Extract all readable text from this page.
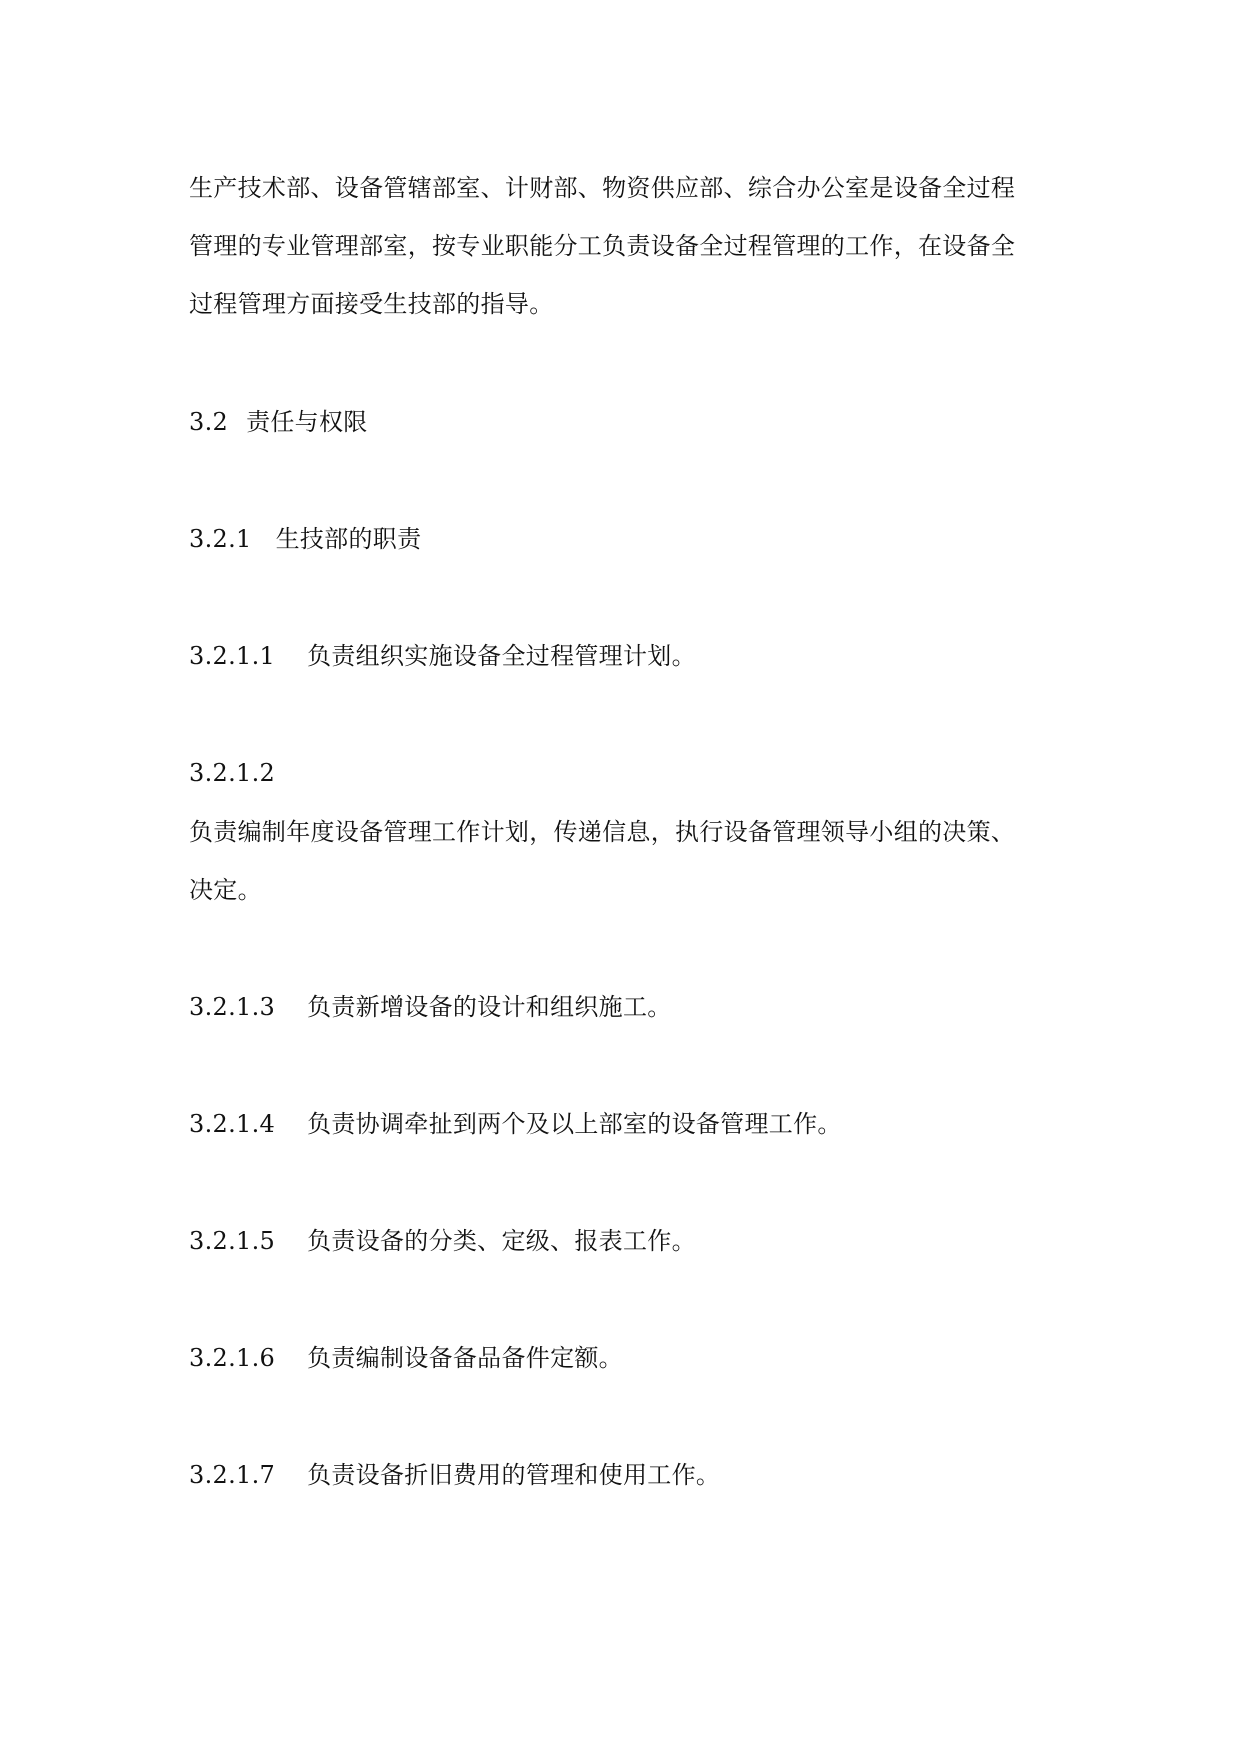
生产技术部、设备管辖部室、计财部、物资供应部、综合办公室是设备全过程
管理的专业管理部室，按专业职能分工负责设备全过程管理的工作，在设备全
过程管理方面接受生技部的指导。
3.2 责任与权限
3.2.1 生技部的职责
3.2.1.1 负责组织实施设备全过程管理计划。
3.2.1.2
负责编制年度设备管理工作计划，传递信息，执行设备管理领导小组的决策、
决定。
3.2.1.3 负责新增设备的设计和组织施工。
3.2.1.4 负责协调牵扯到两个及以上部室的设备管理工作。
3.2.1.5 负责设备的分类、定级、报表工作。
3.2.1.6 负责编制设备备品备件定额。
3.2.1.7 负责设备折旧费用的管理和使用工作。
